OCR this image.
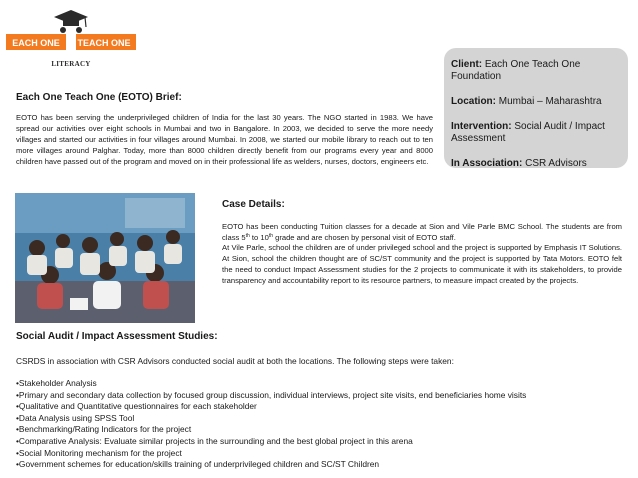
EACH ONE TEACH ONE
LITERACY	Client: Each One Teach One Foundation
Location: Mumbai – Maharashtra
Intervention: Social Audit / Impact Assessment
In Association: CSR Advisors
Each One Teach One (EOTO) Brief:
EOTO has been serving the underprivileged children of India for the last 30 years. The NGO started in 1983. We have spread our activities over eight schools in Mumbai and two in Bangalore. In 2003, we decided to serve the more needy villages and started our activities in four villages around Mumbai. In 2008, we started our mobile library to reach out to ten more villages around Palghar. Today, more than 8000 children directly benefit from our programs every year and 8000 children have passed out of the program and moved on in their professional life as welders, nurses, doctors, engineers etc.
Case Details:

EOTO has been conducting Tuition classes for a decade at Sion and Vile Parle BMC School. The students are from class 5th to 10th grade and are chosen by personal visit of EOTO staff.

At Vile Parle, school the children are of under privileged school and the project is supported by Emphasis IT Solutions. At Sion, school the children thought are of SC/ST community and the project is supported by Tata Motors. EOTO felt the need to conduct Impact Assessment studies for the 2 projects to communicate it with its stakeholders, to provide transparency and accountability report to its resource partners, to measure impact created by the projects.

Social Audit / Impact Assessment Studies:
CSRDS in association with CSR Advisors conducted social audit at both the locations. The following steps were taken:
•Stakeholder Analysis
•Primary and secondary data collection by focused group discussion, individual interviews, project site visits, end beneficiaries home visits
•Qualitative and Quantitative questionnaires for each stakeholder
•Data Analysis using SPSS Tool
•Benchmarking/Rating Indicators for the project
•Comparative Analysis: Evaluate similar projects in the surrounding and the best global project in this arena
•Social Monitoring mechanism for the project
•Government schemes for education/skills training of underprivileged children and SC/ST Children
